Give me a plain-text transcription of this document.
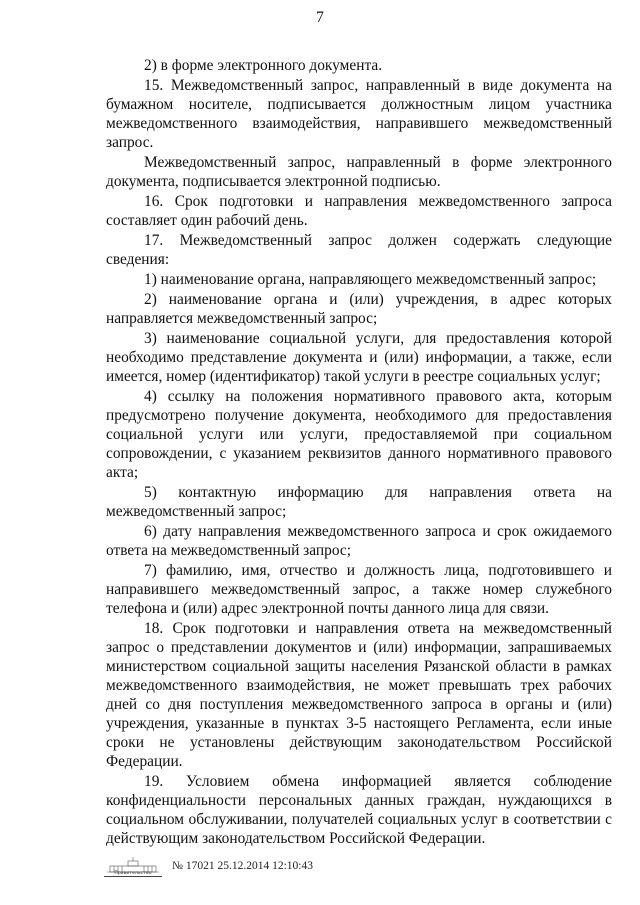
7

2) в форме электронного документа.

15. Межведомственный запрос, направленный в виде документа на бумажном носителе, подписывается должностным лицом участника межведомственного взаимодействия, направившего межведомственный запрос.

Межведомственный запрос, направленный в форме электронного документа, подписывается электронной подписью.

16. Срок подготовки и направления межведомственного запроса составляет один рабочий день.

17. Межведомственный запрос должен содержать следующие сведения:

1) наименование органа, направляющего межведомственный запрос;

2) наименование органа и (или) учреждения, в адрес которых направляется межведомственный запрос;

3) наименование социальной услуги, для предоставления которой необходимо представление документа и (или) информации, а также, если имеется, номер (идентификатор) такой услуги в реестре социальных услуг;

4) ссылку на положения нормативного правового акта, которым предусмотрено получение документа, необходимого для предоставления социальной услуги или услуги, предоставляемой при социальном сопровождении, с указанием реквизитов данного нормативного правового акта;

5) контактную информацию для направления ответа на межведомственный запрос;

6) дату направления межведомственного запроса и срок ожидаемого ответа на межведомственный запрос;

7) фамилию, имя, отчество и должность лица, подготовившего и направившего межведомственный запрос, а также номер служебного телефона и (или) адрес электронной почты данного лица для связи.

18. Срок подготовки и направления ответа на межведомственный запрос о представлении документов и (или) информации, запрашиваемых министерством социальной защиты населения Рязанской области в рамках межведомственного взаимодействия, не может превышать трех рабочих дней со дня поступления межведомственного запроса в органы и (или) учреждения, указанные в пунктах 3-5 настоящего Регламента, если иные сроки не установлены действующим законодательством Российской Федерации.

19. Условием обмена информацией является соблюдение конфиденциальности персональных данных граждан, нуждающихся в социальном обслуживании, получателей социальных услуг в соответствии с действующим законодательством Российской Федерации.

Правительство
№ 17021 25.12.2014 12:10:43
